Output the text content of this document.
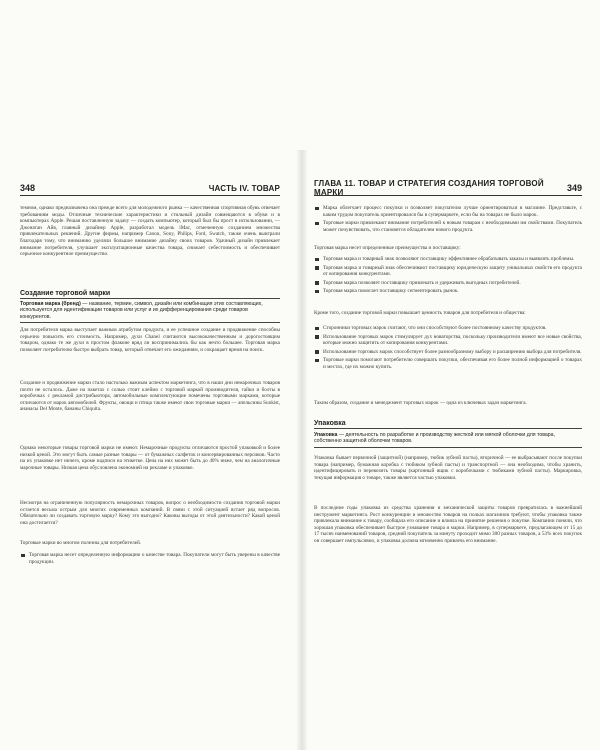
348	ЧАСТЬ IV. ТОВАР
темном, однако предназначена она прежде всего для молодежного рынка — качественная спортивная обувь отвечает требованиям моды. Отличные технические характеристики и стильный дизайн совмещаются в обуви и в компьютерах Apple. Решая поставленную задачу — создать компьютер, который был бы прост в использовании, — Джонатан Айв, главный дизайнер Apple, разработал модель iMac, отмеченную созданием множества привлекательных решений. Другие фирмы, например Canon, Sony, Philips, Ford, Swatch, также очень выиграли благодаря тому, что вниманию уделяли большое внимание дизайну своих товаров. Удачный дизайн привлекает внимание потребителя, улучшает эксплуатационные качества товара, снижает себестоимость и обеспечивает серьезное конкурентное преимущество.
Создание торговой марки
Торговая марка (бренд) — название, термин, символ, дизайн или комбинация этих составляющих, используется для идентификации товаров или услуг и их дифференцирования среди товаров конкурентов.
Для потребителя марка выступает важным атрибутом продукта, и ее успешное создание и продвижение способны серьезно повысить его стоимость. Например, духи Chanel считаются высококачественным и дорогостоящим товаром, однако те же духи в простом флаконе вряд ли воспринимались бы как нечто большее. Торговая марка позволяет потребителю быстро выбрать товар, который отвечает его ожиданиям, и сокращает время на поиск.
Создание и продвижение марки стало настолько важным аспектом маркетинга, что в наши дни немарочных товаров почти не осталось. Даже на пакетах с солью стоит клеймо с торговой маркой производителя, гайки и болты в коробочках с рекламой дистрибьютора, автомобильные комплектующие помечены торговыми марками, которые отличаются от марок автомобилей. Фрукты, овощи и птица также имеют свои торговые марки — апельсины Sunkist, ананасы Del Monte, бананы Chiquita.
Однако некоторые товары торговой марки не имеют. Немарочные продукты отличаются простой упаковкой и более низкой ценой. Это могут быть самые разные товары — от бумажных салфеток и консервированных персиков. Часто на их упаковке нет ничего, кроме надписи на этикетке. Цена на них может быть до 40% ниже, чем на аналогичные марочные товары. Низкая цена обусловлена экономией на рекламе и упаковке.
Несмотря на ограниченную популярность немарочных товаров, вопрос о необходимости создания торговой марки остается весьма острым для многих современных компаний. В связи с этой ситуацией встает ряд вопросов. Обязательно ли создавать торговую марку? Кому это выгодно? Каковы выгоды от этой деятельности? Какой ценой она достигается?
Торговые марки во многом полезны для потребителей.
Торговая марка несет определенную информацию о качестве товара. Покупатели могут быть уверены в качестве продукции.
ГЛАВА 11. ТОВАР И СТРАТЕГИЯ СОЗДАНИЯ ТОРГОВОЙ МАРКИ	349
Марка облегчает процесс покупки и позволяет покупателю лучше ориентироваться в магазине. Представьте, с каким трудом покупатель ориентировался бы в супермаркете, если бы на товарах не было марок.
Торговые марки привлекают внимание потребителей к новым товарам с необходимыми им свойствами. Покупатель может почувствовать, что становится обладателем нового продукта.
Торговая марка несет определенные преимущества и поставщику:
Торговая марка и товарный знак позволяют поставщику эффективнее обрабатывать заказы и выявлять проблемы.
Торговая марка и товарный знак обеспечивают поставщику юридическую защиту уникальных свойств его продукта от копирования конкурентами.
Торговая марка позволяет поставщику привлекать и удерживать выгодных потребителей.
Торговая марка помогает поставщику сегментировать рынок.
Кроме того, создание торговой марки повышает ценность товаров для потребителя и общества:
Сторонники торговых марок считают, что они способствуют более постоянному качеству продуктов.
Использование торговых марок стимулирует дух новаторства, поскольку производители имеют все новые свойства, которые можно защитить от копирования конкурентами.
Использование торговых марок способствует более разнообразному выбору и расширению выбора для потребителя.
Торговые марки помогают потребителю совершать покупки, обеспечивая его более полной информацией о товарах и местах, где их можно купить.
Таким образом, создание и менеджмент торговых марок — одна из ключевых задач маркетинга.
Упаковка
Упаковка — деятельность по разработке и производству жесткой или мягкой оболочки для товара, собственно защитной оболочки товаров.
Упаковка бывает первичной (защитной) (например, тюбик зубной пасты), вторичной — ее выбрасывают после покупки товара (например, бумажная коробка с тюбиком зубной пасты) и транспортной — она необходима, чтобы хранить, идентифицировать и перевозить товары (картонный ящик с коробочками с тюбиками зубной пасты). Маркировка, текущая информация о товаре, также является частью упаковки.
В последние годы упаковка из средства хранения и механической защиты товаров превратилась в важнейший инструмент маркетинга. Рост конкуренции и множество товаров на полках магазинов требуют, чтобы упаковка также привлекала внимание к товару, сообщала его описание и влияла на принятие решения о покупке. Компании поняли, что хорошая упаковка обеспечивает быстрое узнавание товара и марки. Например, в супермаркете, предлагающем от 15 до 17 тысяч наименований товаров, средний покупатель за минуту проходит мимо 300 разных товаров, а 53% всех покупок он совершает импульсивно, и упаковка должна мгновенно привлечь его внимание.
